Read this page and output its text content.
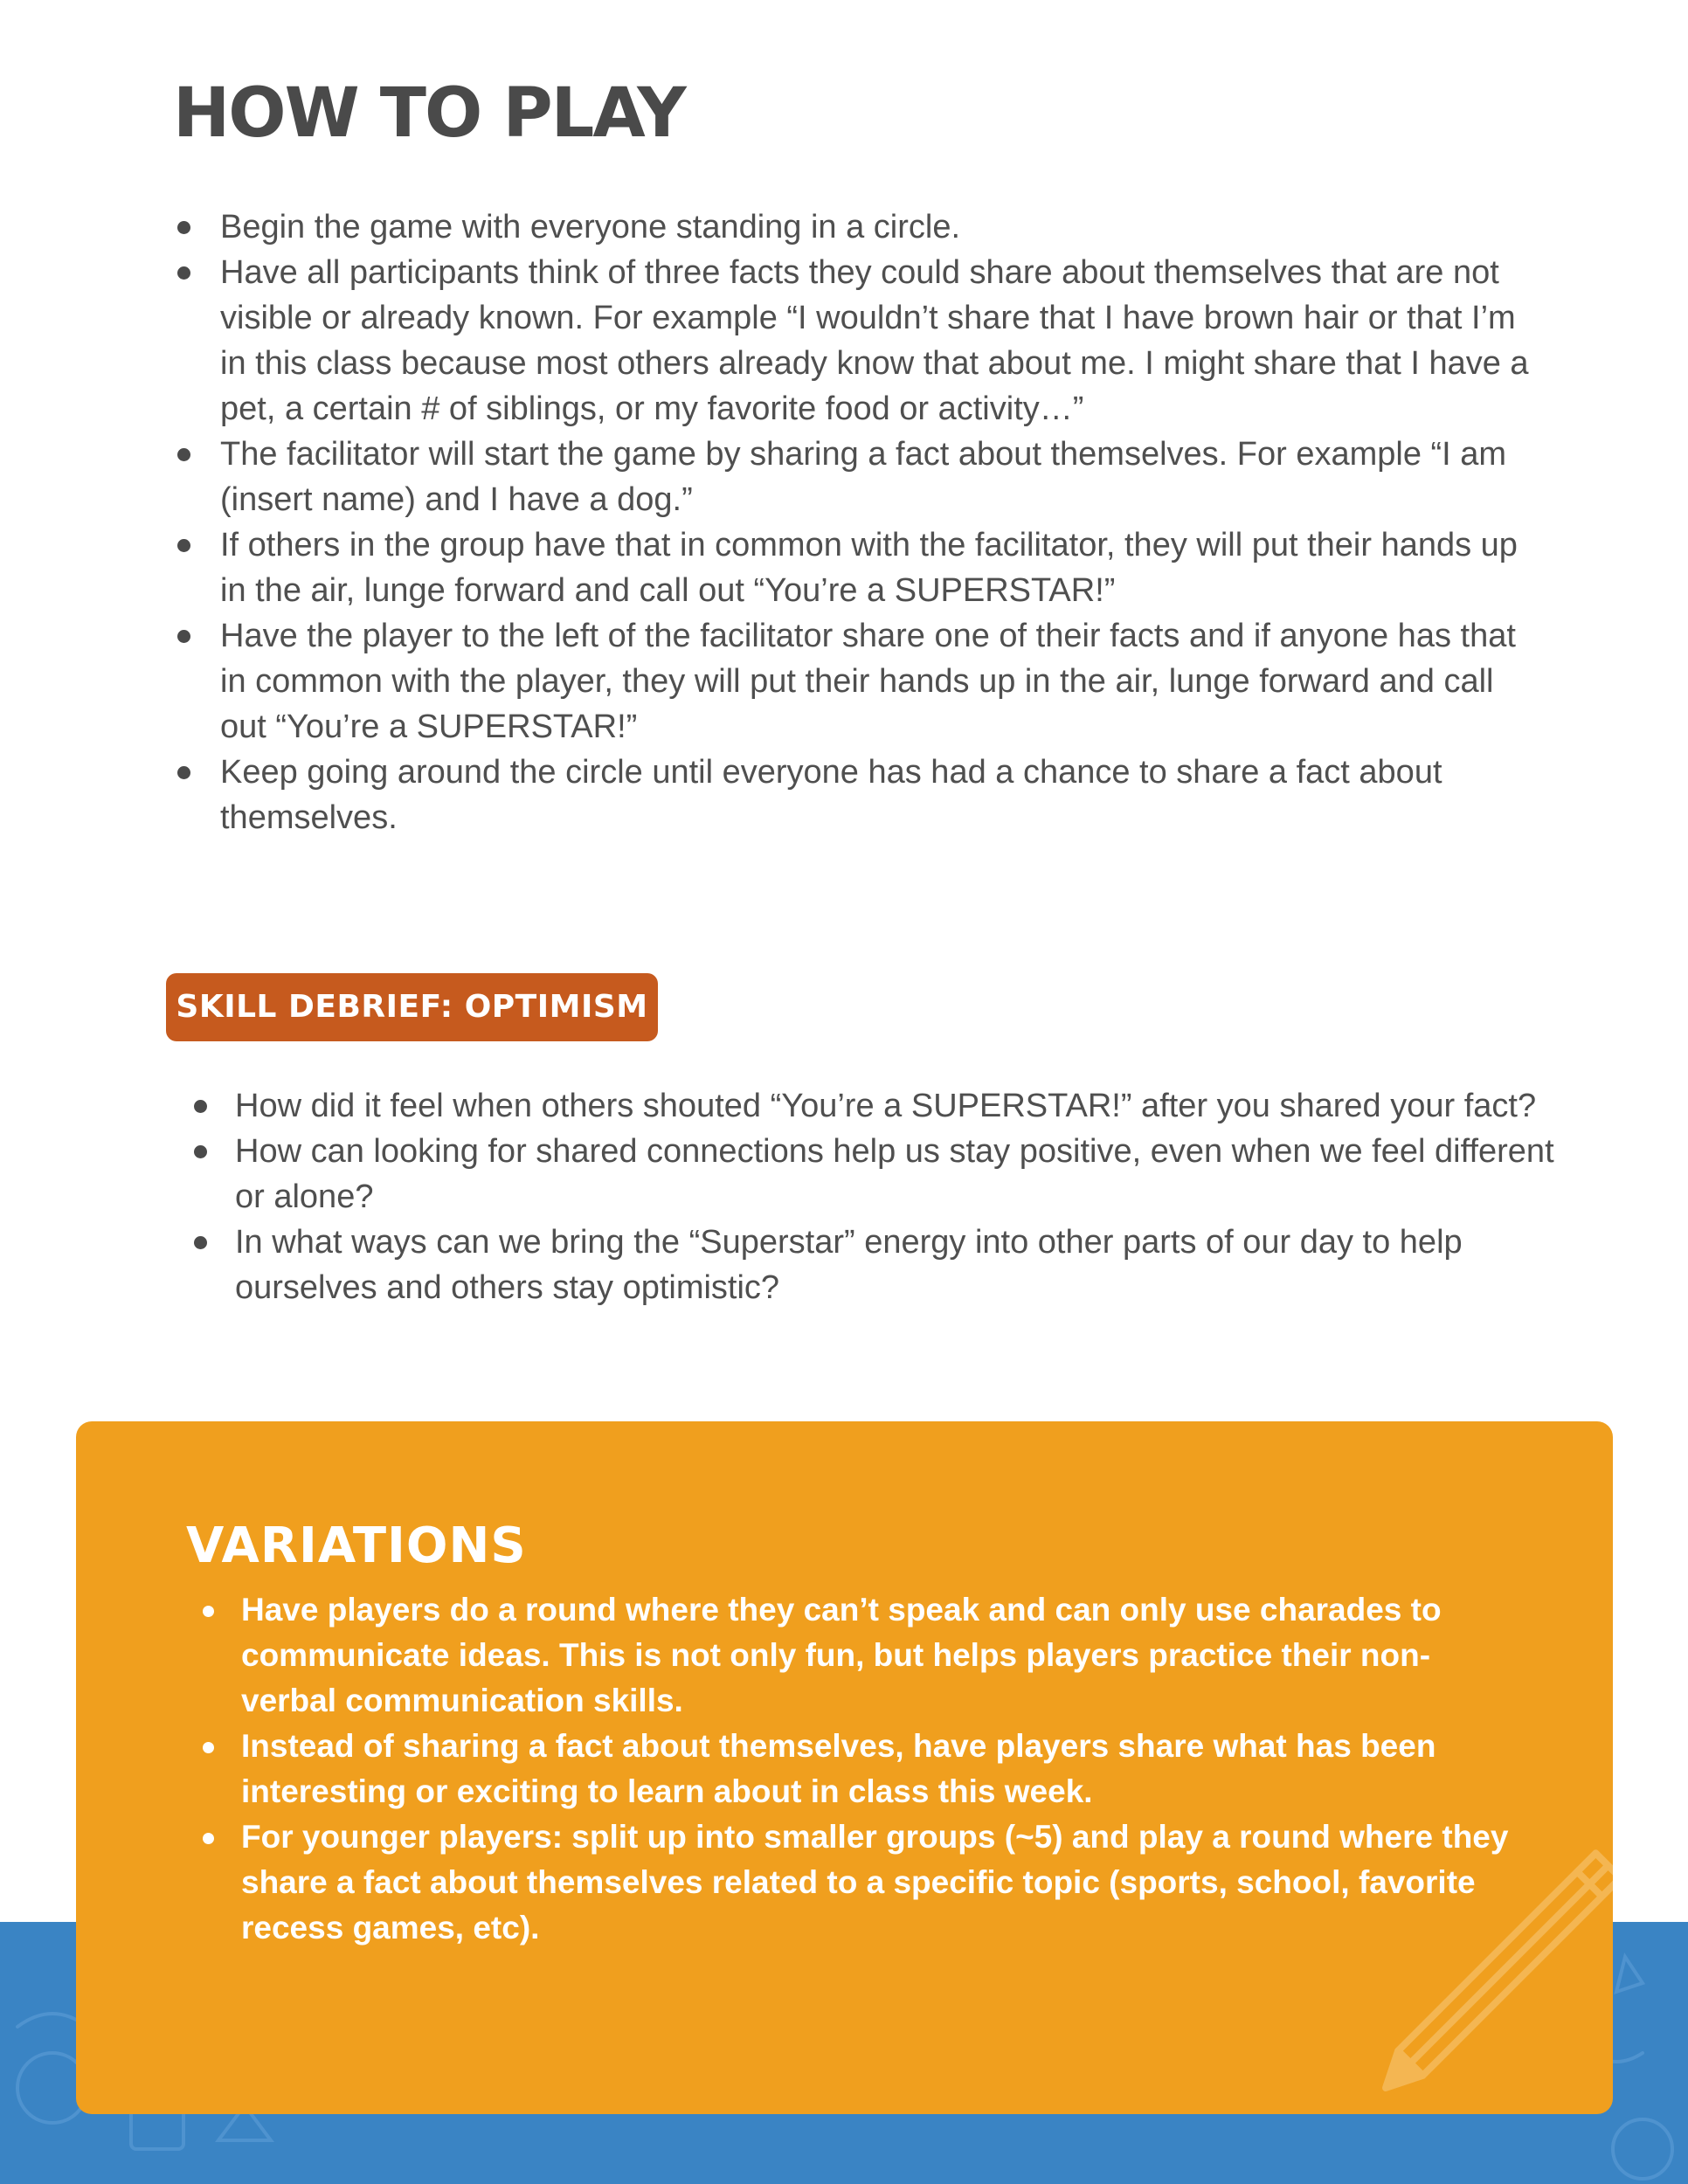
HOW TO PLAY
Begin the game with everyone standing in a circle.
Have all participants think of three facts they could share about themselves that are not visible or already known. For example “I wouldn’t share that I have brown hair or that I’m in this class because most others already know that about me. I might share that I have a pet, a certain # of siblings, or my favorite food or activity…”
The facilitator will start the game by sharing a fact about themselves. For example “I am (insert name) and I have a dog.”
If others in the group have that in common with the facilitator, they will put their hands up in the air, lunge forward and call out “You’re a SUPERSTAR!”
Have the player to the left of the facilitator share one of their facts and if anyone has that in common with the player, they will put their hands up in the air, lunge forward and call out “You’re a SUPERSTAR!”
Keep going around the circle until everyone has had a chance to share a fact about themselves.
SKILL DEBRIEF: OPTIMISM
How did it feel when others shouted “You’re a SUPERSTAR!” after you shared your fact?
How can looking for shared connections help us stay positive, even when we feel different or alone?
In what ways can we bring the “Superstar” energy into other parts of our day to help ourselves and others stay optimistic?
VARIATIONS
Have players do a round where they can’t speak and can only use charades to communicate ideas. This is not only fun, but helps players practice their non-verbal communication skills.
Instead of sharing a fact about themselves, have players share what has been interesting or exciting to learn about in class this week.
For younger players: split up into smaller groups (~5) and play a round where they share a fact about themselves related to a specific topic (sports, school, favorite recess games, etc).
